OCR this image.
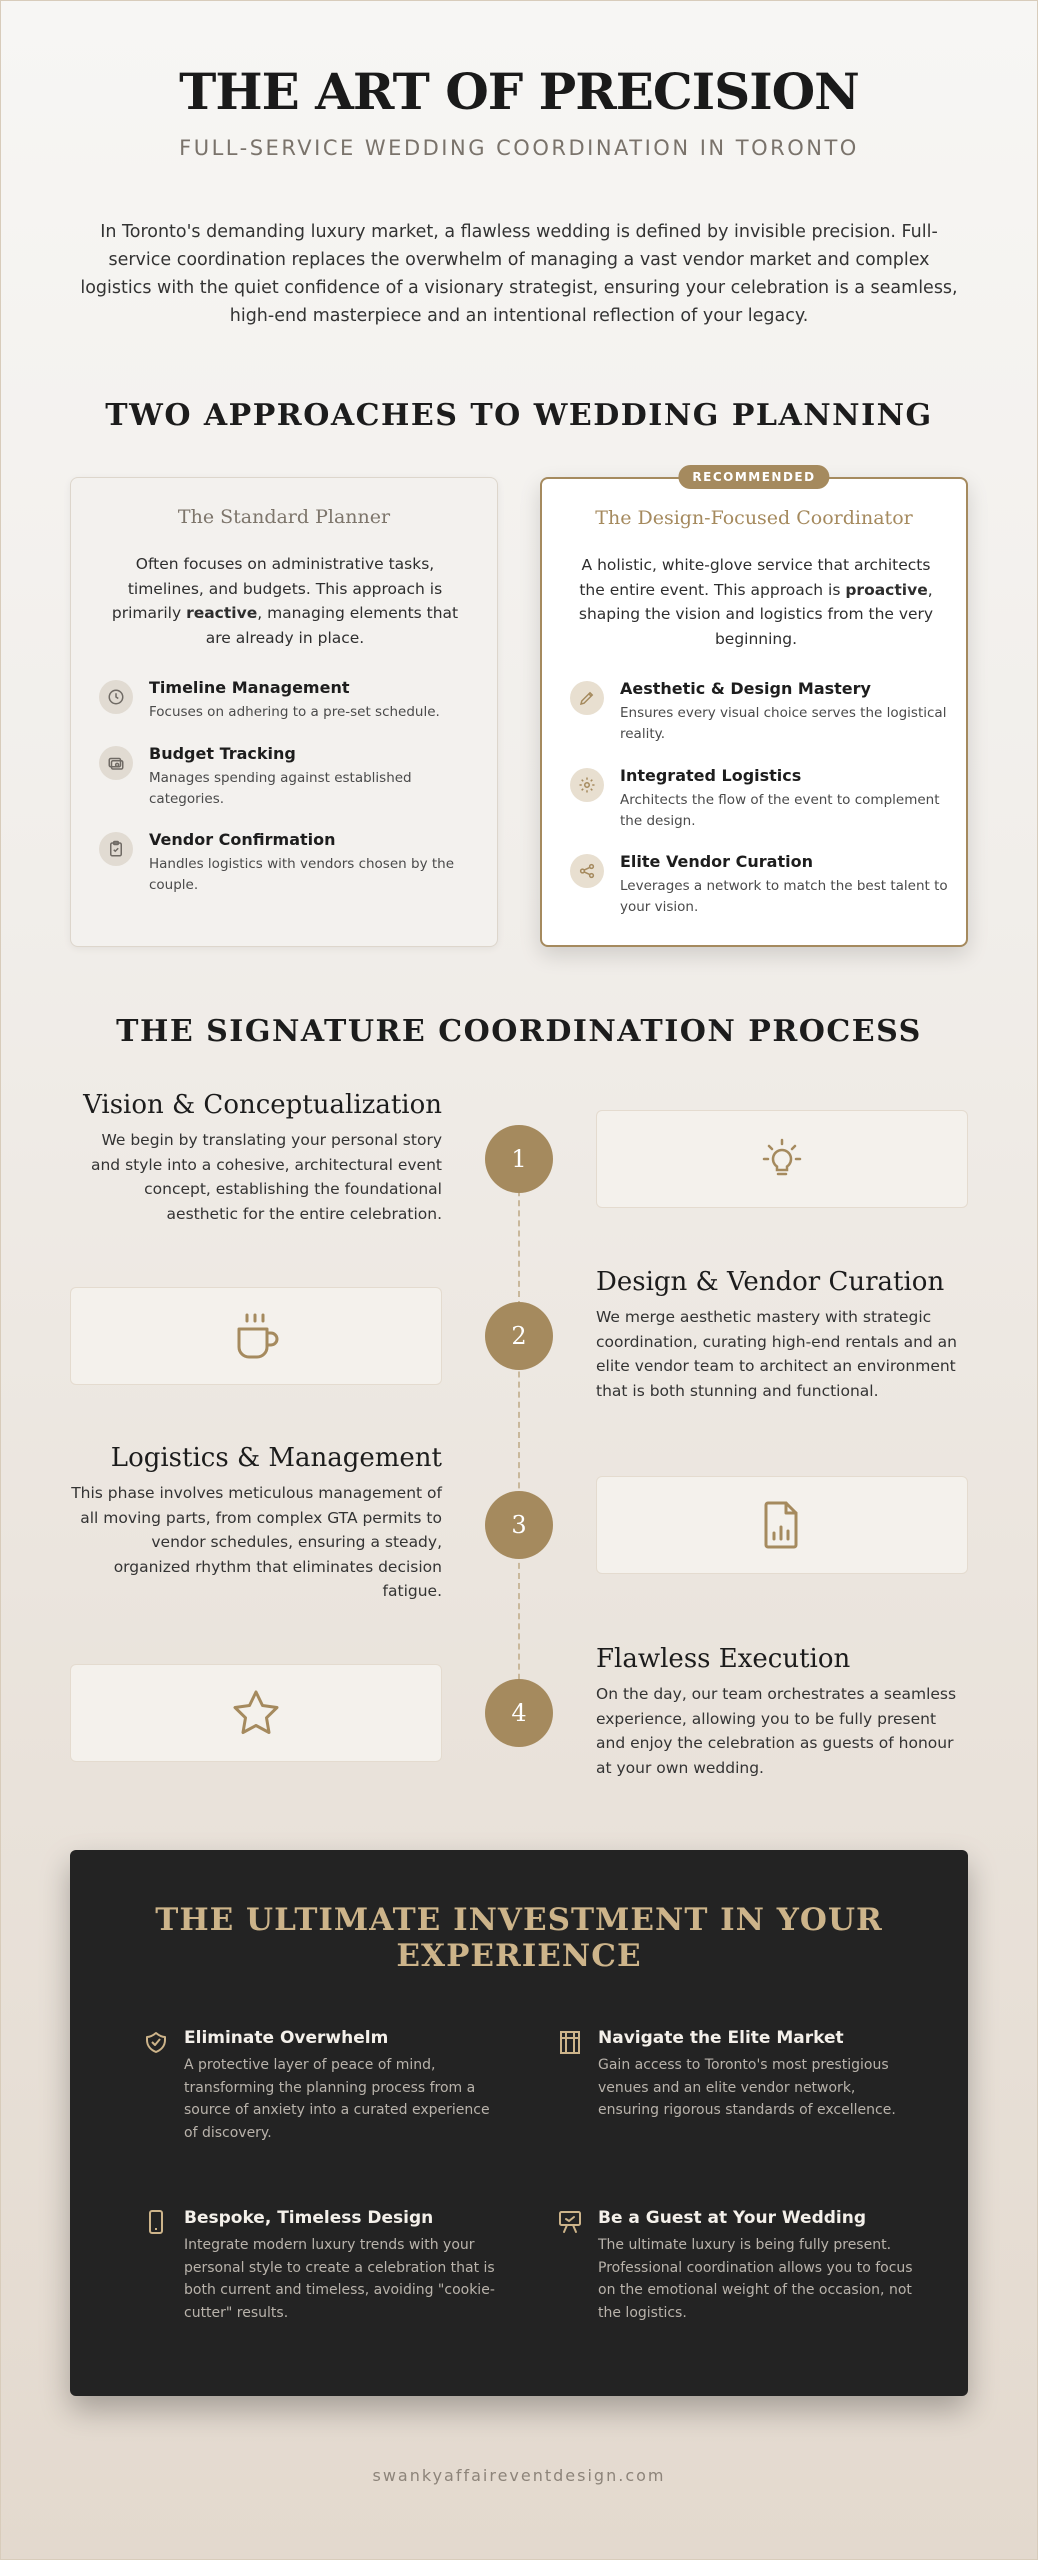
THE ART OF PRECISION
FULL-SERVICE WEDDING COORDINATION IN TORONTO

In Toronto's demanding luxury market, a flawless wedding is defined by invisible precision. Full-service coordination replaces the overwhelm of managing a vast vendor market and complex logistics with the quiet confidence of a visionary strategist, ensuring your celebration is a seamless, high-end masterpiece and an intentional reflection of your legacy.

TWO APPROACHES TO WEDDING PLANNING
The Standard Planner

Often focuses on administrative tasks, timelines, and budgets. This approach is primarily reactive, managing elements that are already in place.

Timeline Management
Focuses on adhering to a pre-set schedule.
Budget Tracking
Manages spending against established categories.
Vendor Confirmation
Handles logistics with vendors chosen by the couple.
RECOMMENDED
The Design-Focused Coordinator

A holistic, white-glove service that architects the entire event. This approach is proactive, shaping the vision and logistics from the very beginning.

Aesthetic & Design Mastery
Ensures every visual choice serves the logistical reality.
Integrated Logistics
Architects the flow of the event to complement the design.
Elite Vendor Curation
Leverages a network to match the best talent to your vision.
THE SIGNATURE COORDINATION PROCESS
Vision & Conceptualization
We begin by translating your personal story and style into a cohesive, architectural event concept, establishing the foundational aesthetic for the entire celebration.
1
2
Design & Vendor Curation
We merge aesthetic mastery with strategic coordination, curating high-end rentals and an elite vendor team to architect an environment that is both stunning and functional.
Logistics & Management
This phase involves meticulous management of all moving parts, from complex GTA permits to vendor schedules, ensuring a steady, organized rhythm that eliminates decision fatigue.
3
4
Flawless Execution
On the day, our team orchestrates a seamless experience, allowing you to be fully present and enjoy the celebration as guests of honour at your own wedding.
THE ULTIMATE INVESTMENT IN YOUR EXPERIENCE
Eliminate Overwhelm
A protective layer of peace of mind, transforming the planning process from a source of anxiety into a curated experience of discovery.
Navigate the Elite Market
Gain access to Toronto's most prestigious venues and an elite vendor network, ensuring rigorous standards of excellence.
Bespoke, Timeless Design
Integrate modern luxury trends with your personal style to create a celebration that is both current and timeless, avoiding "cookie-cutter" results.
Be a Guest at Your Wedding
The ultimate luxury is being fully present. Professional coordination allows you to focus on the emotional weight of the occasion, not the logistics.
swankyaffaireventdesign.com
